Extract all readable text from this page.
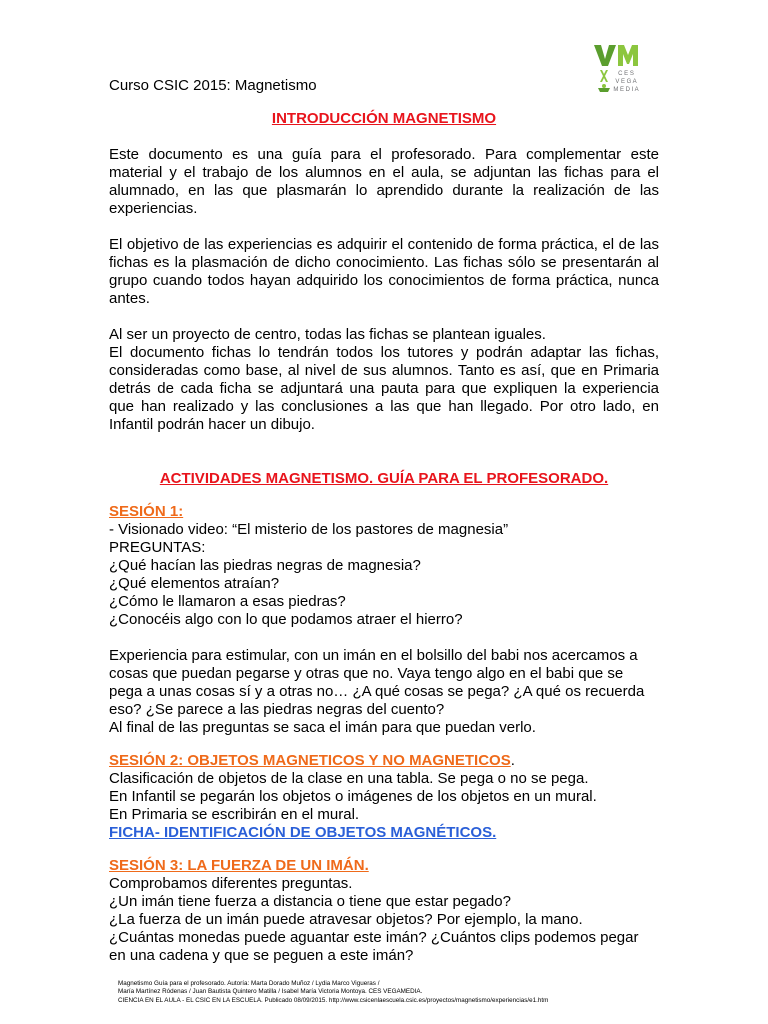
C E S
V E G A
M E D I A

Curso CSIC 2015: Magnetismo

INTRODUCCIÓN MAGNETISMO

Este documento es una guía para el profesorado. Para complementar este material y el trabajo de los alumnos en el aula, se adjuntan las fichas para el alumnado, en las que plasmarán lo aprendido durante la realización de las experiencias.

El objetivo de las experiencias es adquirir el contenido de forma práctica, el de las fichas es la plasmación de dicho conocimiento. Las fichas sólo se presentarán al grupo cuando todos hayan adquirido los conocimientos de forma práctica, nunca antes.

Al ser un proyecto de centro, todas las fichas se plantean iguales.

El documento fichas lo tendrán todos los tutores y podrán adaptar las fichas, consideradas como base, al nivel de sus alumnos. Tanto es así, que en Primaria detrás de cada ficha se adjuntará una pauta para que expliquen la experiencia que han realizado y las conclusiones a las que han llegado. Por otro lado, en Infantil podrán hacer un dibujo.

ACTIVIDADES MAGNETISMO. GUÍA PARA EL PROFESORADO.

SESIÓN 1:

- Visionado video: “El misterio de los pastores de magnesia”

PREGUNTAS:

¿Qué hacían las piedras negras de magnesia?

¿Qué elementos atraían?

¿Cómo le llamaron a esas piedras?

¿Conocéis algo con lo que podamos atraer el hierro?

Experiencia para estimular, con un imán en el bolsillo del babi nos acercamos a cosas que puedan pegarse y otras que no. Vaya tengo algo en el babi que se pega a unas cosas sí y a otras no… ¿A qué cosas se pega? ¿A qué os recuerda eso? ¿Se parece a las piedras negras del cuento?

Al final de las preguntas se saca el imán para que puedan verlo.

SESIÓN 2: OBJETOS MAGNETICOS Y NO MAGNETICOS.

Clasificación de objetos de la clase en una tabla. Se pega o no se pega.

En Infantil se pegarán los objetos o imágenes de los objetos en un mural.

En Primaria se escribirán en el mural.

FICHA- IDENTIFICACIÓN DE OBJETOS MAGNÉTICOS.

SESIÓN 3: LA FUERZA DE UN IMÁN.

Comprobamos diferentes preguntas.

¿Un imán tiene fuerza a distancia o tiene que estar pegado?

¿La fuerza de un imán puede atravesar objetos? Por ejemplo, la mano.

¿Cuántas monedas puede aguantar este imán? ¿Cuántos clips podemos pegar en una cadena y que se peguen a este imán?

Magnetismo Guía para el profesorado. Autoría: Marta Dorado Muñoz / Lydia Marco Vigueras /

María Martínez Ródenas / Juan Bautista Quintero Matilla / Isabel María Victoria Montoya. CES VEGAMEDIA.

CIENCIA EN EL AULA - EL CSIC EN LA ESCUELA. Publicado 08/09/2015. http://www.csicenlaescuela.csic.es/proyectos/magnetismo/experiencias/e1.htm
